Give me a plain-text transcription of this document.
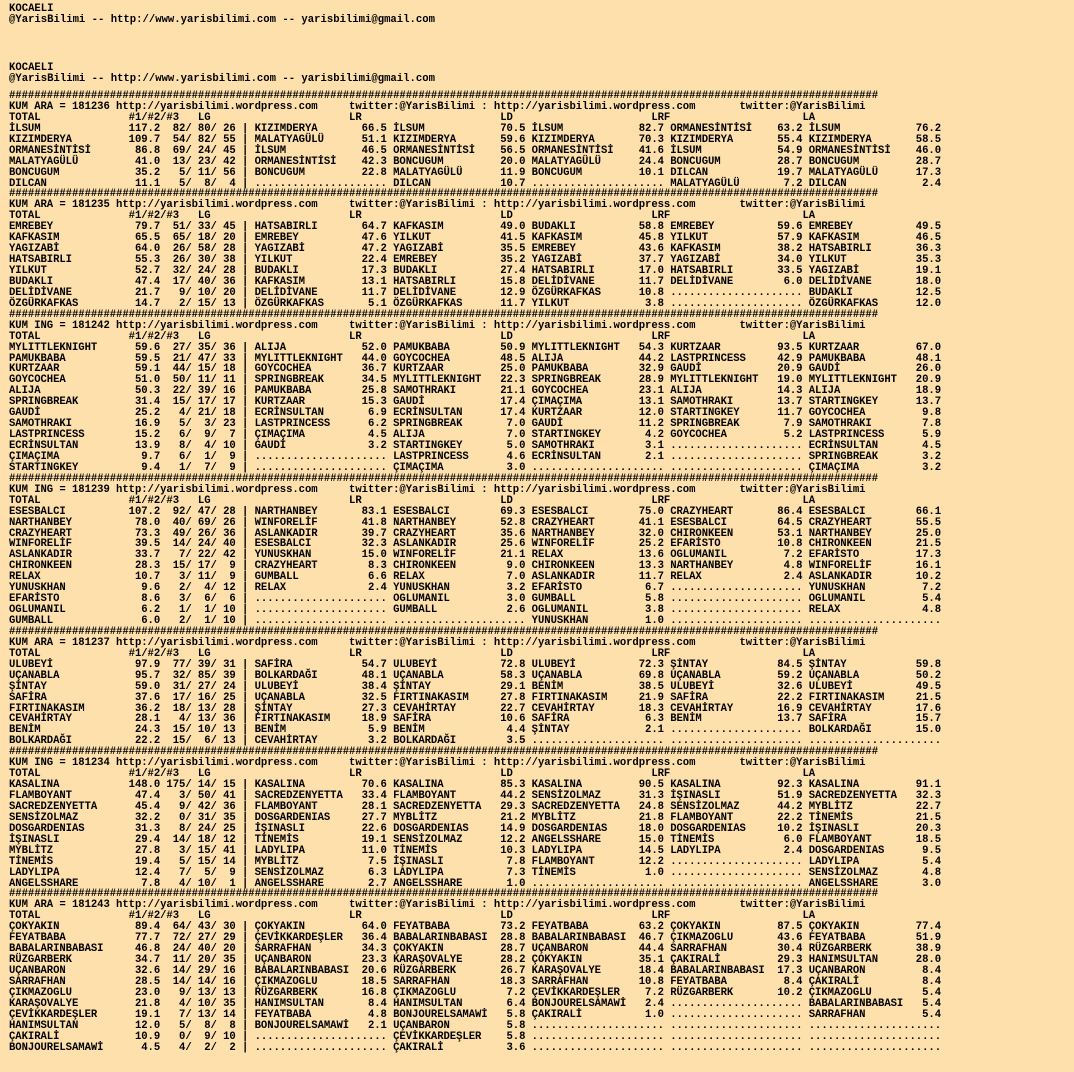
KOCAELI
@YarisBilimi -- http://www.yarisbilimi.com -- yarisbilimi@gmail.com
KOCAELI
@YarisBilimi -- http://www.yarisbilimi.com -- yarisbilimi@gmail.com
##########################################################################################################################################
KUM ARA = 181236 http://yarisbilimi.wordpress.com     twitter:@YarisBilimi : http://yarisbilimi.wordpress.com       twitter:@YarisBilimi
TOTAL              #1/#2/#3   LG                      LR                      LD                      LRF                     LA
İLSUM              117.2  82/ 80/ 26 | KIZIMDERYA       66.5 İLSUM            70.5 İLSUM            82.7 ORMANESİNTİSİ    63.2 İLSUM            76.2
KIZIMDERYA         109.7  54/ 82/ 55 | MALATYAGÜLÜ      51.1 KIZIMDERYA       59.6 KIZIMDERYA       70.3 KIZIMDERYA       55.4 KIZIMDERYA       58.5
ORMANESİNTİSİ       86.8  69/ 24/ 45 | İLSUM            46.5 ORMANESİNTİSİ    56.5 ORMANESİNTİSİ    41.6 İLSUM            54.9 ORMANESİNTİSİ    46.0
MALATYAGÜLÜ         41.0  13/ 23/ 42 | ORMANESİNTİSİ    42.3 BONCUGUM         20.0 MALATYAGÜLÜ      24.4 BONCUGUM         28.7 BONCUGUM         28.7
BONCUGUM            35.2   5/ 11/ 56 | BONCUGUM         22.8 MALATYAGÜLÜ      11.9 BONCUGUM         10.1 DILCAN           19.7 MALATYAGÜLÜ      17.3
DILCAN              11.1   5/  8/  4 | ..................... DILCAN           10.7 ..................... MALATYAGÜLÜ       7.2 DILCAN            2.4
##########################################################################################################################################
KUM ARA = 181235 http://yarisbilimi.wordpress.com     twitter:@YarisBilimi : http://yarisbilimi.wordpress.com       twitter:@YarisBilimi
TOTAL              #1/#2/#3   LG                      LR                      LD                      LRF                     LA
EMREBEY             79.7  51/ 33/ 45 | HATSABIRLI       64.7 KAFKASIM         49.0 BUDAKLI          58.8 EMREBEY          59.6 EMREBEY          49.5
KAFKASIM            65.5  65/ 18/ 20 | EMREBEY          47.6 YILKUT           41.5 KAFKASIM         45.8 YILKUT           57.9 KAFKASIM         46.5
YAGIZABİ            64.0  26/ 58/ 28 | YAGIZABİ         47.2 YAGIZABİ         35.5 EMREBEY          43.6 KAFKASIM         38.2 HATSABIRLI       36.3
HATSABIRLI          55.3  26/ 30/ 38 | YILKUT           22.4 EMREBEY          35.2 YAGIZABİ         37.7 YAGIZABİ         34.0 YILKUT           35.3
YILKUT              52.7  32/ 24/ 28 | BUDAKLI          17.3 BUDAKLI          27.4 HATSABIRLI       17.0 HATSABIRLI       33.5 YAGIZABİ         19.1
BUDAKLI             47.4  17/ 40/ 36 | KAFKASIM         13.1 HATSABIRLI       15.8 DELİDİVANE       11.7 DELİDİVANE        6.0 DELİDİVANE       18.0
DELİDİVANE          21.7   9/ 10/ 20 | DELİDİVANE       11.7 DELİDİVANE       12.9 ÖZGÜRKAFKAS      10.8 ..................... BUDAKLI          12.5
ÖZGÜRKAFKAS         14.7   2/ 15/ 13 | ÖZGÜRKAFKAS       5.1 ÖZGÜRKAFKAS      11.7 YILKUT            3.8 ..................... ÖZGÜRKAFKAS      12.0
##########################################################################################################################################
KUM ING = 181242 http://yarisbilimi.wordpress.com     twitter:@YarisBilimi : http://yarisbilimi.wordpress.com       twitter:@YarisBilimi
TOTAL              #1/#2/#3   LG                      LR                      LD                      LRF                     LA
MYLITTLEKNIGHT      59.6  27/ 35/ 36 | ALIJA            52.0 PAMUKBABA        50.9 MYLITTLEKNIGHT   54.3 KURTZAAR         93.5 KURTZAAR         67.0
PAMUKBABA           59.5  21/ 47/ 33 | MYLITTLEKNIGHT   44.0 GOYCOCHEA        48.5 ALIJA            44.2 LASTPRINCESS     42.9 PAMUKBABA        48.1
KURTZAAR            59.1  44/ 15/ 18 | GOYCOCHEA        36.7 KURTZAAR         25.0 PAMUKBABA        32.9 GAUDİ            20.9 GAUDİ            26.0
GOYCOCHEA           51.0  50/ 11/ 11 | SPRINGBREAK      34.5 MYLITTLEKNIGHT   22.3 SPRINGBREAK      28.9 MYLITTLEKNIGHT   19.0 MYLITTLEKNIGHT   20.9
ALIJA               50.3  22/ 39/ 16 | PAMUKBABA        25.8 SAMOTHRAKI       21.1 GOYCOCHEA        23.1 ALIJA            14.3 ALIJA            18.9
SPRINGBREAK         31.4  15/ 17/ 17 | KURTZAAR         15.3 GAUDİ            17.4 ÇIMAÇIMA         13.1 SAMOTHRAKI       13.7 STARTINGKEY      13.7
GAUDİ               25.2   4/ 21/ 18 | ECRİNSULTAN       6.9 ECRİNSULTAN      17.4 KURTZAAR         12.0 STARTINGKEY      11.7 GOYCOCHEA         9.8
SAMOTHRAKI          16.9   5/  3/ 23 | LASTPRINCESS      6.2 SPRINGBREAK       7.0 GAUDİ            11.2 SPRINGBREAK       7.9 SAMOTHRAKI        7.8
LASTPRINCESS        15.2   6/  9/  7 | ÇIMAÇIMA          4.5 ALIJA             7.0 STARTINGKEY       4.2 GOYCOCHEA         5.2 LASTPRINCESS      5.9
ECRİNSULTAN         13.9   8/  4/ 10 | GAUDİ             3.2 STARTINGKEY       5.0 SAMOTHRAKI        3.1 ..................... ECRİNSULTAN       4.5
ÇIMAÇIMA             9.7   6/  1/  9 | ..................... LASTPRINCESS      4.6 ECRİNSULTAN       2.1 ..................... SPRINGBREAK       3.2
STARTINGKEY          9.4   1/  7/  9 | ..................... ÇIMAÇIMA          3.0 ..................... ..................... ÇIMAÇIMA          3.2
##########################################################################################################################################
KUM ING = 181239 http://yarisbilimi.wordpress.com     twitter:@YarisBilimi : http://yarisbilimi.wordpress.com       twitter:@YarisBilimi
TOTAL              #1/#2/#3   LG                      LR                      LD                      LRF                     LA
ESESBALCI          107.2  92/ 47/ 28 | NARTHANBEY       83.1 ESESBALCI        69.3 ESESBALCI        75.0 CRAZYHEART       86.4 ESESBALCI        66.1
NARTHANBEY          78.0  40/ 69/ 26 | WINFORELİF       41.8 NARTHANBEY       52.8 CRAZYHEART       41.1 ESESBALCI        64.5 CRAZYHEART       55.5
CRAZYHEART          73.3  49/ 26/ 36 | ASLANKADIR       39.7 CRAZYHEART       35.6 NARTHANBEY       32.0 CHIRONKEEN       53.1 NARTHANBEY       25.0
WINFORELİF          39.5  14/ 24/ 40 | ESESBALCI        32.3 ASLANKADIR       25.6 WINFORELİF       25.2 EFARİSTO         10.8 CHIRONKEEN       21.5
ASLANKADIR          33.7   7/ 22/ 42 | YUNUSKHAN        15.0 WINFORELİF       21.1 RELAX            13.6 OGLUMANIL         7.2 EFARİSTO         17.3
CHIRONKEEN          28.3  15/ 17/  9 | CRAZYHEART        8.3 CHIRONKEEN        9.0 CHIRONKEEN       13.3 NARTHANBEY        4.8 WINFORELİF       16.1
RELAX               10.7   3/ 11/  9 | GUMBALL           6.6 RELAX             7.0 ASLANKADIR       11.7 RELAX             2.4 ASLANKADIR       10.2
YUNUSKHAN            9.6   2/  4/ 12 | RELAX             2.4 YUNUSKHAN         3.2 EFARİSTO          6.7 ..................... YUNUSKHAN         7.2
EFARİSTO             8.6   3/  6/  6 | ..................... OGLUMANIL         3.0 GUMBALL           5.8 ..................... OGLUMANIL         5.4
OGLUMANIL            6.2   1/  1/ 10 | ..................... GUMBALL           2.6 OGLUMANIL         3.8 ..................... RELAX             4.8
GUMBALL              6.0   2/  1/ 10 | ..................... ..................... YUNUSKHAN         1.0 ..................... .....................
##########################################################################################################################################
KUM ARA = 181237 http://yarisbilimi.wordpress.com     twitter:@YarisBilimi : http://yarisbilimi.wordpress.com       twitter:@YarisBilimi
TOTAL              #1/#2/#3   LG                      LR                      LD                      LRF                     LA
ULUBEYİ             97.9  77/ 39/ 31 | SAFİRA           54.7 ULUBEYİ          72.8 ULUBEYİ          72.3 ŞİNTAY           84.5 ŞİNTAY           59.8
UÇANABLA            95.7  32/ 85/ 39 | BOLKARDAĞI       48.1 UÇANABLA         58.3 UÇANABLA         69.8 UÇANABLA         59.2 UÇANABLA         50.2
ŞİNTAY              59.0  31/ 27/ 24 | ULUBEYİ          38.4 ŞİNTAY           29.1 BENİM            38.5 ULUBEYİ          32.6 ULUBEYİ          49.5
SAFİRA              37.6  17/ 16/ 25 | UÇANABLA         32.5 FIRTINAKASIM     27.8 FIRTINAKASIM     21.9 SAFİRA           22.2 FIRTINAKASIM     21.5
FIRTINAKASIM        36.2  18/ 13/ 28 | ŞİNTAY           27.3 CEVAHİRTAY       22.7 CEVAHİRTAY       18.3 CEVAHİRTAY       16.9 CEVAHİRTAY       17.6
CEVAHİRTAY          28.1   4/ 13/ 36 | FIRTINAKASIM     18.9 SAFİRA           10.6 SAFİRA            6.3 BENİM            13.7 SAFİRA           15.7
BENİM               24.3  15/ 10/ 13 | BENİM             5.9 BENİM             4.4 ŞİNTAY            2.1 ..................... BOLKARDAĞI       15.0
BOLKARDAĞI          22.2  15/  6/ 13 | CEVAHİRTAY        3.2 BOLKARDAĞI        3.5 ..................... ..................... .....................
##########################################################################################################################################
KUM ING = 181234 http://yarisbilimi.wordpress.com     twitter:@YarisBilimi : http://yarisbilimi.wordpress.com       twitter:@YarisBilimi
TOTAL              #1/#2/#3   LG                      LR                      LD                      LRF                     LA
KASALINA           148.0 175/ 14/ 15 | KASALINA         70.6 KASALINA         85.3 KASALINA         90.5 KASALINA         92.3 KASALINA         91.1
FLAMBOYANT          47.4   3/ 50/ 41 | SACREDZENYETTA   33.4 FLAMBOYANT       44.2 SENSİZOLMAZ      31.3 İŞINASLI         51.9 SACREDZENYETTA   32.3
SACREDZENYETTA      45.4   9/ 42/ 36 | FLAMBOYANT       28.1 SACREDZENYETTA   29.3 SACREDZENYETTA   24.8 SENSİZOLMAZ      44.2 MYBLİTZ          22.7
SENSİZOLMAZ         32.2   0/ 31/ 35 | DOSGARDENIAS     27.7 MYBLİTZ          21.2 MYBLİTZ          21.8 FLAMBOYANT       22.2 TİNEMİS          21.5
DOSGARDENIAS        31.3   8/ 24/ 25 | İŞINASLI         22.6 DOSGARDENIAS     14.9 DOSGARDENIAS     18.0 DOSGARDENIAS     10.2 İŞINASLI         20.3
İŞINASLI            29.4  14/ 18/ 12 | TİNEMİS          19.1 SENSİZOLMAZ      12.2 ANGELSSHARE      15.0 TİNEMİS           6.0 FLAMBOYANT       18.5
MYBLİTZ             27.8   3/ 15/ 41 | LADYLIPA         11.0 TİNEMİS          10.3 LADYLIPA         14.5 LADYLIPA          2.4 DOSGARDENIAS      9.5
TİNEMİS             19.4   5/ 15/ 14 | MYBLİTZ           7.5 İŞINASLI          7.8 FLAMBOYANT       12.2 ..................... LADYLIPA          5.4
LADYLIPA            12.4   7/  5/  9 | SENSİZOLMAZ       6.3 LADYLIPA          7.3 TİNEMİS           1.0 ..................... SENSİZOLMAZ       4.8
ANGELSSHARE          7.8   4/ 10/  1 | ANGELSSHARE       2.7 ANGELSSHARE       1.0 ..................... ..................... ANGELSSHARE       3.0
##########################################################################################################################################
KUM ARA = 181243 http://yarisbilimi.wordpress.com     twitter:@YarisBilimi : http://yarisbilimi.wordpress.com       twitter:@YarisBilimi
TOTAL              #1/#2/#3   LG                      LR                      LD                      LRF                     LA
ÇOKYAKIN            89.4  64/ 43/ 30 | ÇOKYAKIN         64.0 FEYATBABA        73.2 FEYATBABA        63.2 ÇOKYAKIN         87.5 ÇOKYAKIN         77.4
FEYATBABA           77.7  72/ 27/ 29 | ÇEVİKKARDEŞLER   36.4 BABALARINBABASI  28.8 BABALARINBABASI  46.7 ÇIKMAZOGLU       43.6 FEYATBABA        51.9
BABALARINBABASI     46.8  24/ 40/ 20 | SARRAFHAN        34.3 ÇOKYAKIN         28.7 UÇANBARON        44.4 SARRAFHAN        30.4 RÜZGARBERK       38.9
RÜZGARBERK          34.7  11/ 20/ 35 | UÇANBARON        23.3 KARAŞOVALYE      28.2 ÇOKYAKIN         35.1 ÇAKIRALİ         29.3 HANIMSULTAN      28.0
UÇANBARON           32.6  14/ 29/ 16 | BABALARINBABASI  20.6 RÜZGARBERK       26.7 KARAŞOVALYE      18.4 BABALARINBABASI  17.3 UÇANBARON         8.4
SARRAFHAN           28.5  14/ 14/ 16 | ÇIKMAZOGLU       18.5 SARRAFHAN        18.3 SARRAFHAN        10.8 FEYATBABA         8.4 ÇAKIRALİ          8.4
ÇIKMAZOGLU          23.0   9/ 13/ 13 | RÜZGARBERK       16.8 ÇIKMAZOGLU        7.2 ÇEVİKKARDEŞLER    7.2 RÜZGARBERK       10.2 ÇIKMAZOGLU        5.4
KARAŞOVALYE         21.8   4/ 10/ 35 | HANIMSULTAN       8.4 HANIMSULTAN       6.4 BONJOURELSAMAWİ   2.4 ..................... BABALARINBABASI   5.4
ÇEVİKKARDEŞLER      19.1   7/ 13/ 14 | FEYATBABA         4.8 BONJOURELSAMAWİ   5.8 ÇAKIRALİ          1.0 ..................... SARRAFHAN         5.4
HANIMSULTAN         12.0   5/  8/  8 | BONJOURELSAMAWİ   2.1 UÇANBARON         5.8 ..................... ..................... .....................
ÇAKIRALİ            10.9   0/  9/ 10 | ..................... ÇEVİKKARDEŞLER    5.8 ..................... ..................... .....................
BONJOURELSAMAWİ      4.5   4/  2/  2 | ..................... ÇAKIRALİ          3.6 ..................... ..................... .....................
